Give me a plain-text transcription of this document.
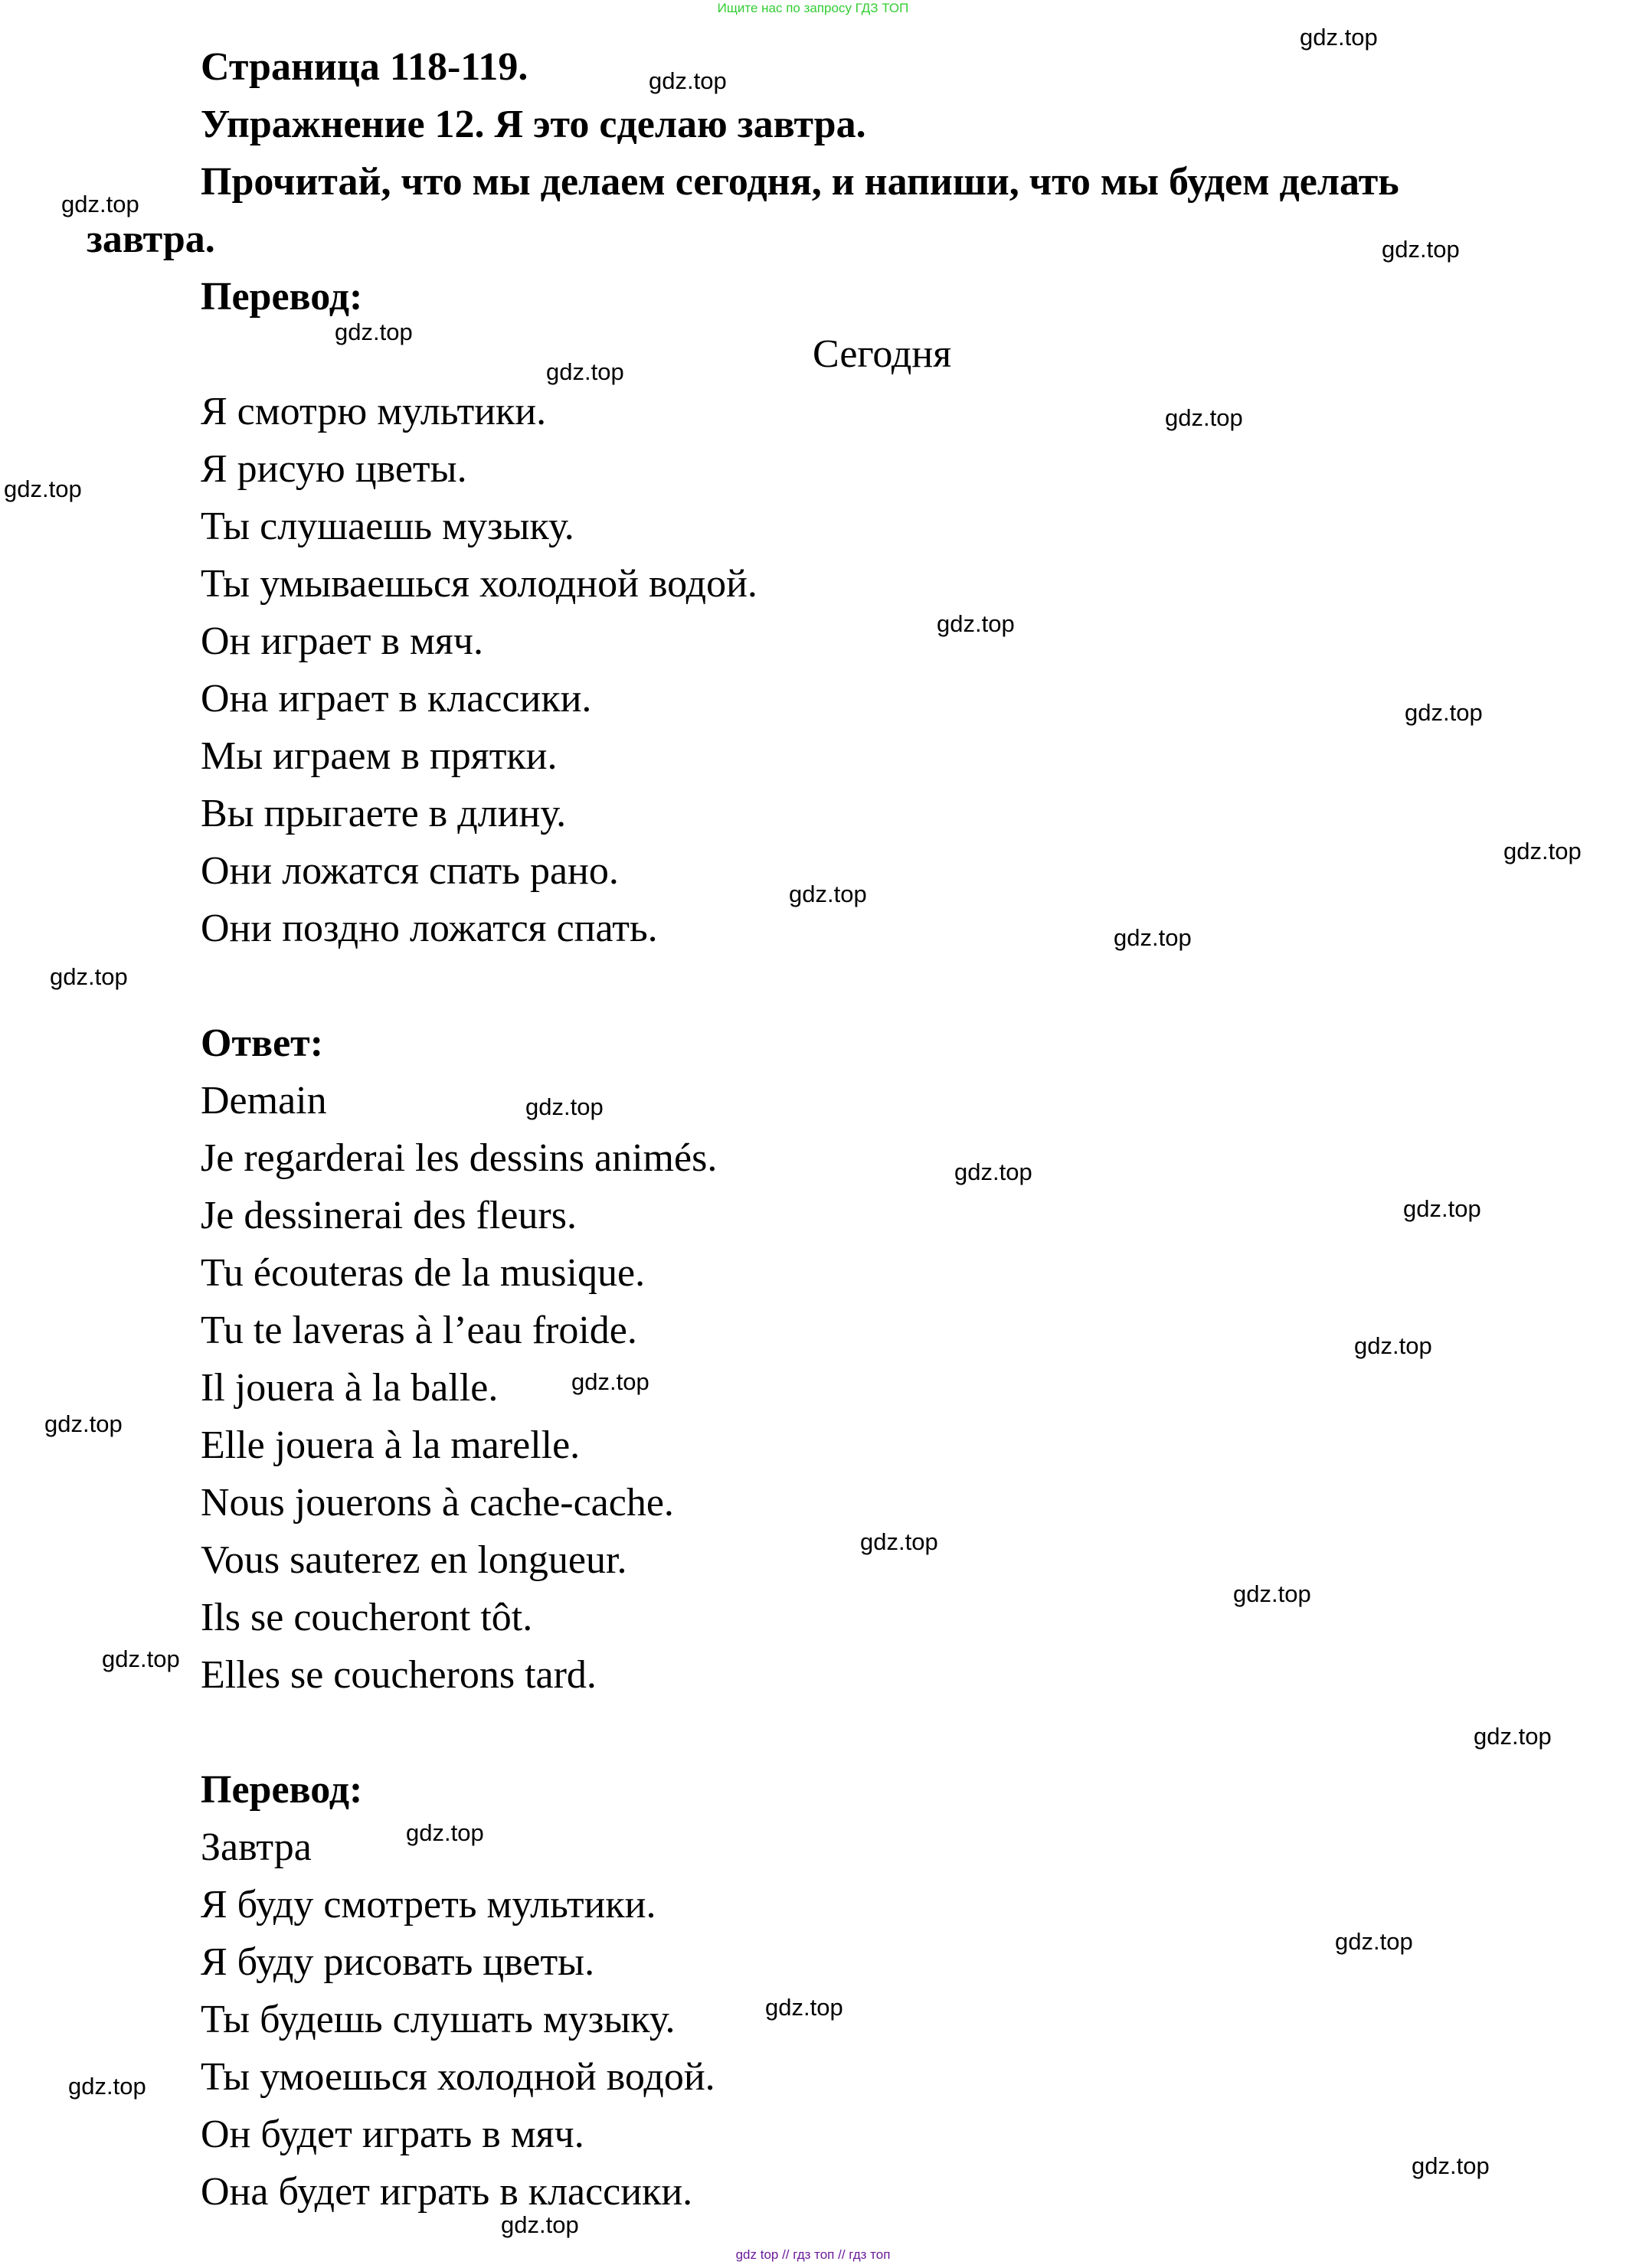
Ищите нас по запросу ГДЗ ТОП
Страница 118-119.
Упражнение 12. Я это сделаю завтра.
Прочитай, что мы делаем сегодня, и напиши, что мы будем делать
завтра.
Перевод:
Сегодня
Я смотрю мультики.
Я рисую цветы.
Ты слушаешь музыку.
Ты умываешься холодной водой.
Он играет в мяч.
Она играет в классики.
Мы играем в прятки.
Вы прыгаете в длину.
Они ложатся спать рано.
Они поздно ложатся спать.
Ответ:
Demain
Je regarderai les dessins animés.
Je dessinerai des fleurs.
Tu écouteras de la musique.
Tu te laveras à l’eau froide.
Il jouera à la balle.
Elle jouera à la marelle.
Nous jouerons à cache-cache.
Vous sauterez en longueur.
Ils se coucheront tôt.
Elles se coucherons tard.
Перевод:
Завтра
Я буду смотреть мультики.
Я буду рисовать цветы.
Ты будешь слушать музыку.
Ты умоешься холодной водой.
Он будет играть в мяч.
Она будет играть в классики.
gdz.top
gdz.top
gdz.top
gdz.top
gdz.top
gdz.top
gdz.top
gdz.top
gdz.top
gdz.top
gdz.top
gdz.top
gdz.top
gdz.top
gdz.top
gdz.top
gdz.top
gdz.top
gdz.top
gdz.top
gdz.top
gdz.top
gdz.top
gdz.top
gdz.top
gdz.top
gdz.top
gdz.top
gdz.top
gdz.top
gdz top // гдз топ // гдз топ
